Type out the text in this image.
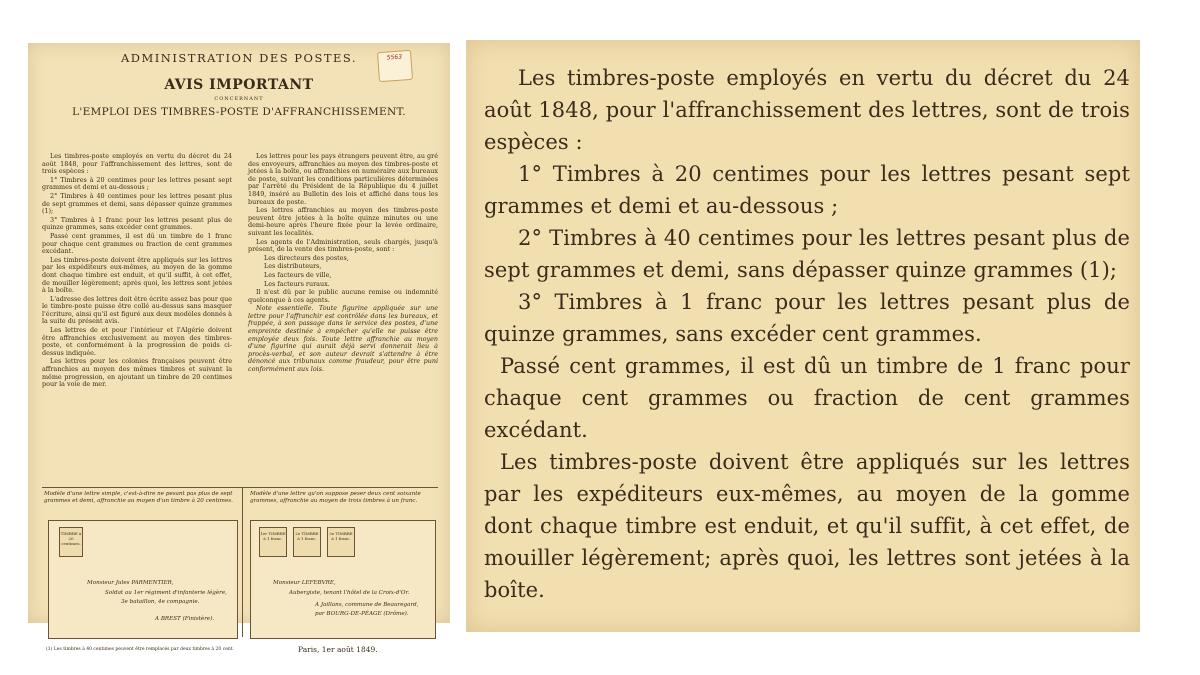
5563
ADMINISTRATION DES POSTES.
AVIS IMPORTANT
CONCERNANT
L'EMPLOI DES TIMBRES-POSTE D'AFFRANCHISSEMENT.

Les timbres-poste employés en vertu du décret du 24 août 1848, pour l'affranchissement des lettres, sont de trois espèces :

1° Timbres à 20 centimes pour les lettres pesant sept grammes et demi et au-dessous ;

2° Timbres à 40 centimes pour les lettres pesant plus de sept grammes et demi, sans dépasser quinze grammes (1);

3° Timbres à 1 franc pour les lettres pesant plus de quinze grammes, sans excéder cent grammes.

Passé cent grammes, il est dû un timbre de 1 franc pour chaque cent grammes ou fraction de cent grammes excédant.

Les timbres-poste doivent être appliqués sur les lettres par les expéditeurs eux-mêmes, au moyen de la gomme dont chaque timbre est enduit, et qu'il suffit, à cet effet, de mouiller légèrement; après quoi, les lettres sont jetées à la boîte.

L'adresse des lettres doit être écrite assez bas pour que le timbre-poste puisse être collé au-dessus sans masquer l'écriture, ainsi qu'il est figuré aux deux modèles donnés à la suite du présent avis.

Les lettres de et pour l'intérieur et l'Algérie doivent être affranchies exclusivement au moyen des timbres-poste, et conformément à la progression de poids ci-dessus indiquée.

Les lettres pour les colonies françaises peuvent être affranchies au moyen des mêmes timbres et suivant la même progression, en ajoutant un timbre de 20 centimes pour la voie de mer.

Les lettres pour les pays étrangers peuvent être, au gré des envoyeurs, affranchies au moyen des timbres-poste et jetées à la boîte, ou affranchies en numéraire aux bureaux de poste, suivant les conditions particulières déterminées par l'arrêté du Président de la République du 4 juillet 1849, inséré au Bulletin des lois et affiché dans tous les bureaux de poste.

Les lettres affranchies au moyen des timbres-poste peuvent être jetées à la boîte quinze minutes ou une demi-heure après l'heure fixée pour la levée ordinaire, suivant les localités.

Les agents de l'Administration, seuls chargés, jusqu'à présent, de la vente des timbres-poste, sont :

Les directeurs des postes,

Les distributeurs,

Les facteurs de ville,

Les facteurs ruraux.

Il n'est dû par le public aucune remise ou indemnité quelconque à ces agents.

Note essentielle. Toute figurine appliquée sur une lettre pour l'affranchir est contrôlée dans les bureaux, et frappée, à son passage dans le service des postes, d'une empreinte destinée à empêcher qu'elle ne puisse être employée deux fois. Toute lettre affranchie au moyen d'une figurine qui aurait déjà servi donnerait lieu à procès-verbal, et son auteur devrait s'attendre à être dénoncé aux tribunaux comme fraudeur, pour être puni conformément aux lois.

Modèle d'une lettre simple, c'est-à-dire ne pesant pas plus de sept grammes et demi, affranchie au moyen d'un timbre à 20 centimes.
Modèle d'une lettre qu'on suppose peser deux cent soixante grammes, affranchie au moyen de trois timbres à un franc.
TIMBRE à 20 centimes.
Monsieur Jules PARMENTIER,
Soldat au 1er régiment d'infanterie légère,
3e bataillon, 4e compagnie.
A BREST (Finistère).
1er TIMBRE à 1 franc.
2e TIMBRE à 1 franc.
3e TIMBRE à 1 franc.
Monsieur LEFEBVRE,
Aubergiste, tenant l'hôtel de la Croix-d'Or.
A Jaillans, commune de Beauregard,
par BOURG-DE-PÉAGE (Drôme).
(1) Les timbres à 40 centimes peuvent être remplacés par deux timbres à 20 cent.	Paris, 1er août 1849.

Les timbres-poste employés en vertu du décret du 24 août 1848, pour l'affranchissement des lettres, sont de trois espèces :

1° Timbres à 20 centimes pour les lettres pesant sept grammes et demi et au-dessous ;

2° Timbres à 40 centimes pour les lettres pesant plus de sept grammes et demi, sans dépasser quinze grammes (1);

3° Timbres à 1 franc pour les lettres pesant plus de quinze grammes, sans excéder cent grammes.

Passé cent grammes, il est dû un timbre de 1 franc pour chaque cent grammes ou fraction de cent grammes excédant.

Les timbres-poste doivent être appliqués sur les lettres par les expéditeurs eux-mêmes, au moyen de la gomme dont chaque timbre est enduit, et qu'il suffit, à cet effet, de mouiller légèrement; après quoi, les lettres sont jetées à la boîte.
